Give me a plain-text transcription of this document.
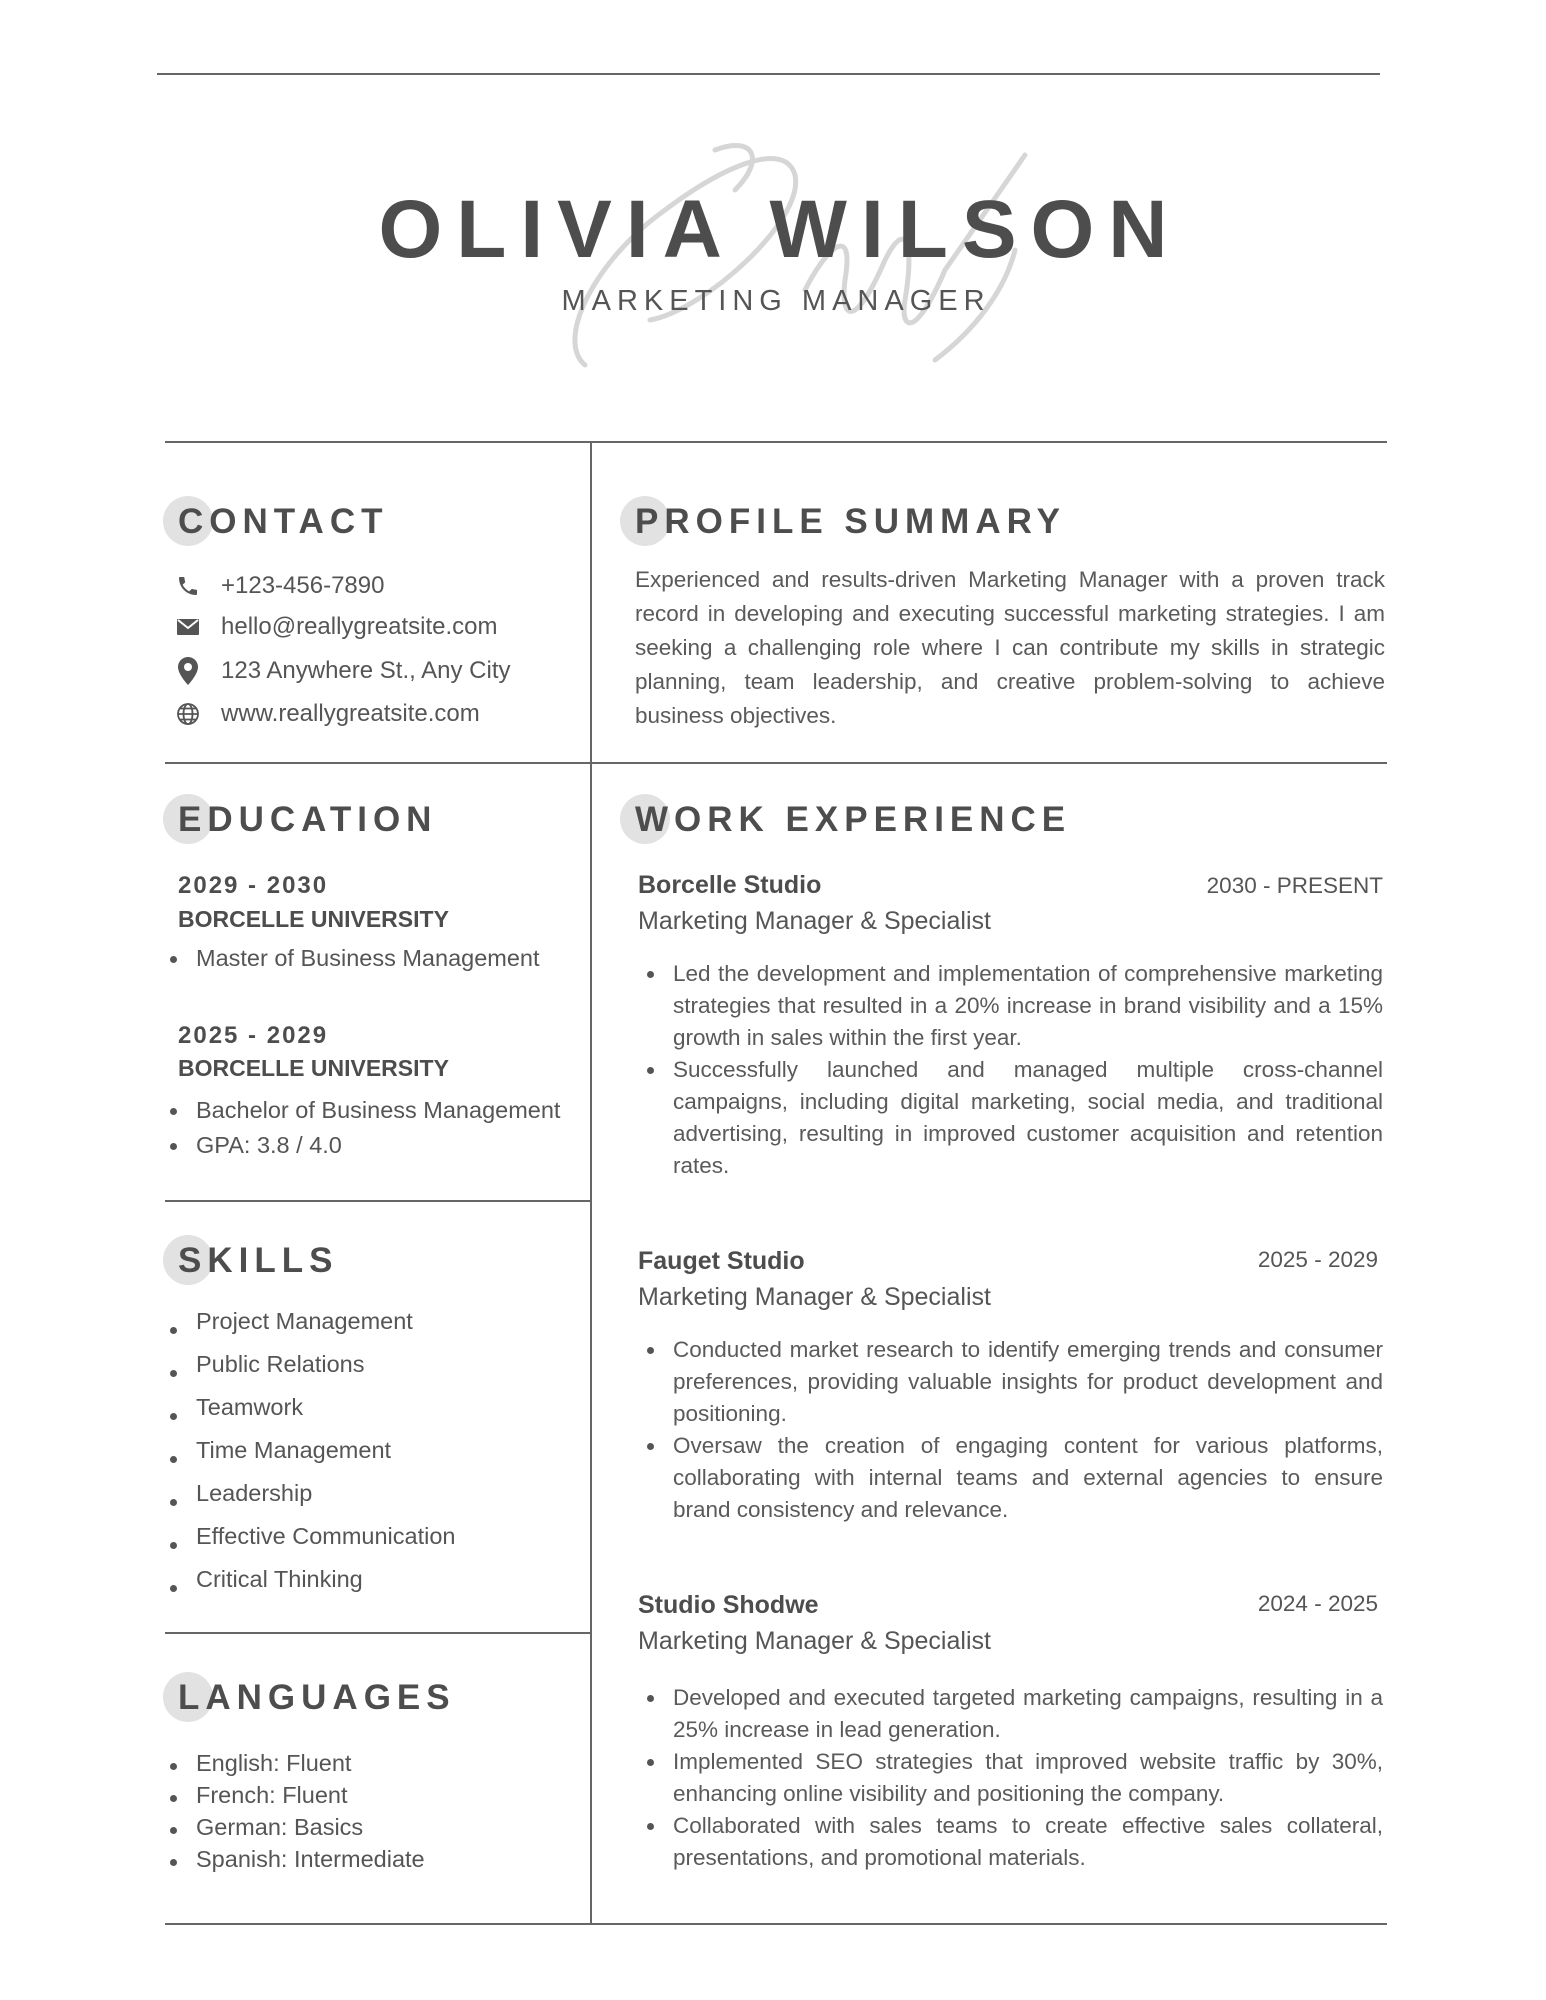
OLIVIA WILSON
MARKETING MANAGER
CONTACT
+123-456-7890
hello@reallygreatsite.com
123 Anywhere St., Any City
www.reallygreatsite.com
PROFILE SUMMARY
Experienced and results-driven Marketing Manager with a proven track record in developing and executing successful marketing strategies. I am seeking a challenging role where I can contribute my skills in strategic planning, team leadership, and creative problem-solving to achieve business objectives.
EDUCATION
2029 - 2030
BORCELLE UNIVERSITY
Master of Business Management
2025 - 2029
BORCELLE UNIVERSITY
Bachelor of Business Management
GPA: 3.8 / 4.0
SKILLS
Project Management
Public Relations
Teamwork
Time Management
Leadership
Effective Communication
Critical Thinking
LANGUAGES
English: Fluent
French: Fluent
German: Basics
Spanish: Intermediate
WORK EXPERIENCE
Borcelle Studio	2030 - PRESENT
Marketing Manager & Specialist
Led the development and implementation of comprehensive marketing strategies that resulted in a 20% increase in brand visibility and a 15% growth in sales within the first year.
Successfully launched and managed multiple cross-channel campaigns, including digital marketing, social media, and traditional advertising, resulting in improved customer acquisition and retention rates.
Fauget Studio	2025 - 2029
Marketing Manager & Specialist
Conducted market research to identify emerging trends and consumer preferences, providing valuable insights for product development and positioning.
Oversaw the creation of engaging content for various platforms, collaborating with internal teams and external agencies to ensure brand consistency and relevance.
Studio Shodwe	2024 - 2025
Marketing Manager & Specialist
Developed and executed targeted marketing campaigns, resulting in a 25% increase in lead generation.
Implemented SEO strategies that improved website traffic by 30%, enhancing online visibility and positioning the company.
Collaborated with sales teams to create effective sales collateral, presentations, and promotional materials.
